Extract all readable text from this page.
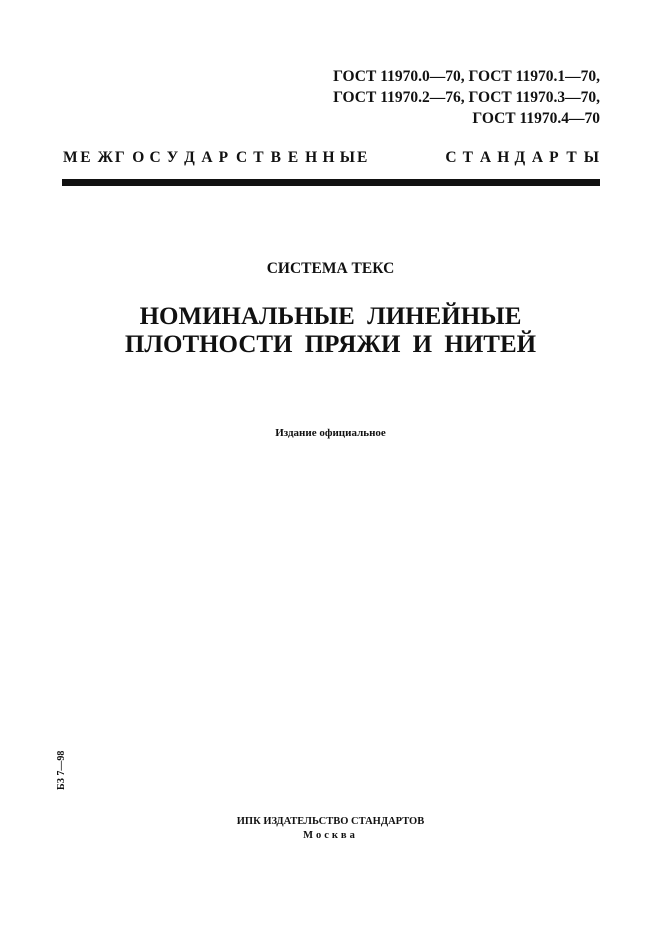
ГОСТ 11970.0—70, ГОСТ 11970.1—70,
ГОСТ 11970.2—76, ГОСТ 11970.3—70,
ГОСТ 11970.4—70
М Е Ж Г О С У Д А Р С Т В Е Н Н Ы Е	С Т А Н Д А Р Т Ы
СИСТЕМА ТЕКС
НОМИНАЛЬНЫЕ ЛИНЕЙНЫЕ
ПЛОТНОСТИ ПРЯЖИ И НИТЕЙ
Издание официальное
БЗ 7—98
ИПК ИЗДАТЕЛЬСТВО СТАНДАРТОВ
Москва
